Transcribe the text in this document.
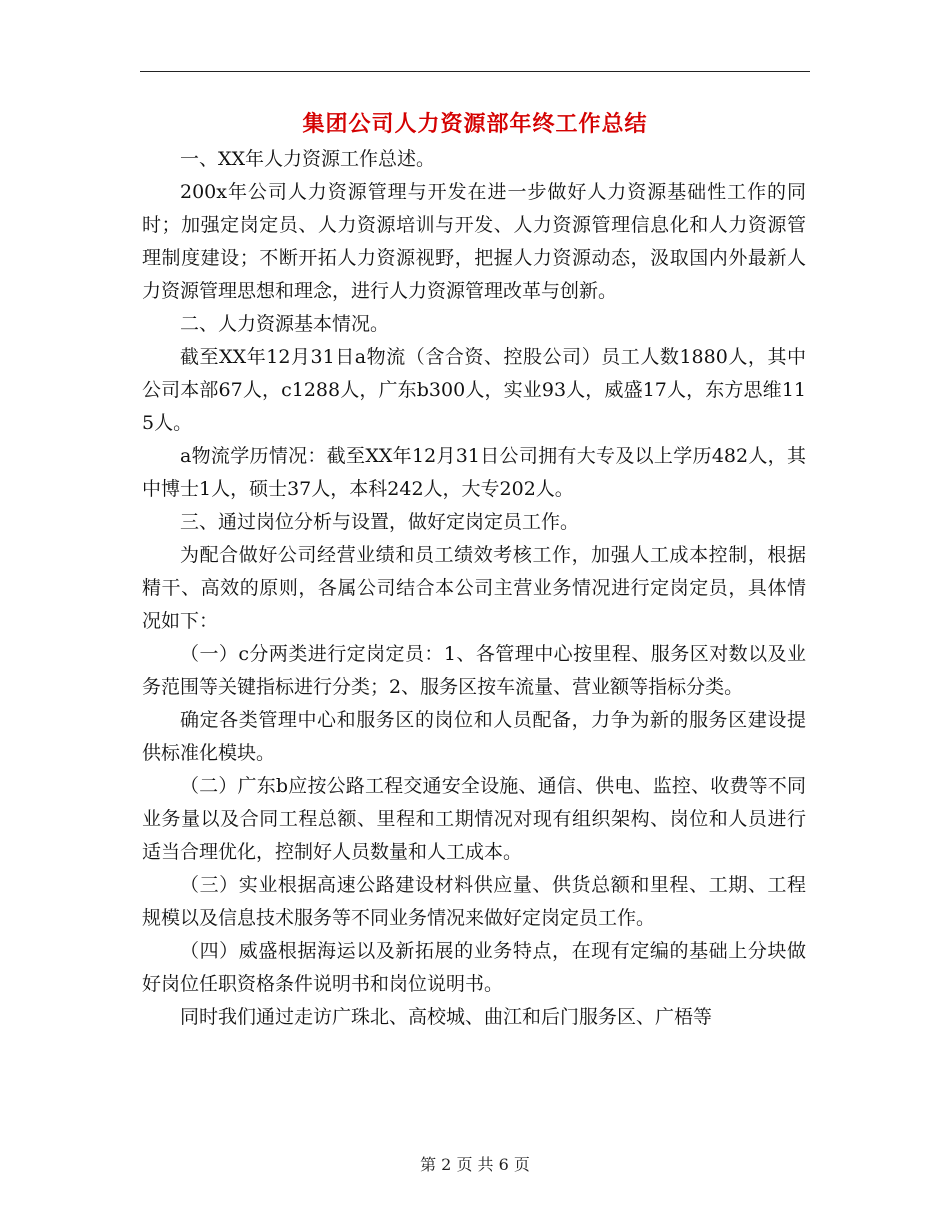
集团公司人力资源部年终工作总结

一、XX年人力资源工作总述。

200x年公司人力资源管理与开发在进一步做好人力资源基础性工作的同时；加强定岗定员、人力资源培训与开发、人力资源管理信息化和人力资源管理制度建设；不断开拓人力资源视野，把握人力资源动态，汲取国内外最新人力资源管理思想和理念，进行人力资源管理改革与创新。

二、人力资源基本情况。

截至XX年12月31日a物流（含合资、控股公司）员工人数1880人，其中公司本部67人，c1288人，广东b300人，实业93人，威盛17人，东方思维115人。

a物流学历情况：截至XX年12月31日公司拥有大专及以上学历482人，其中博士1人，硕士37人，本科242人，大专202人。

三、通过岗位分析与设置，做好定岗定员工作。

为配合做好公司经营业绩和员工绩效考核工作，加强人工成本控制，根据精干、高效的原则，各属公司结合本公司主营业务情况进行定岗定员，具体情况如下：

（一）c分两类进行定岗定员：1、各管理中心按里程、服务区对数以及业务范围等关键指标进行分类；2、服务区按车流量、营业额等指标分类。

确定各类管理中心和服务区的岗位和人员配备，力争为新的服务区建设提供标准化模块。

（二）广东b应按公路工程交通安全设施、通信、供电、监控、收费等不同业务量以及合同工程总额、里程和工期情况对现有组织架构、岗位和人员进行适当合理优化，控制好人员数量和人工成本。

（三）实业根据高速公路建设材料供应量、供货总额和里程、工期、工程规模以及信息技术服务等不同业务情况来做好定岗定员工作。

（四）威盛根据海运以及新拓展的业务特点，在现有定编的基础上分块做好岗位任职资格条件说明书和岗位说明书。

同时我们通过走访广珠北、高校城、曲江和后门服务区、广梧等

第 2 页 共 6 页
